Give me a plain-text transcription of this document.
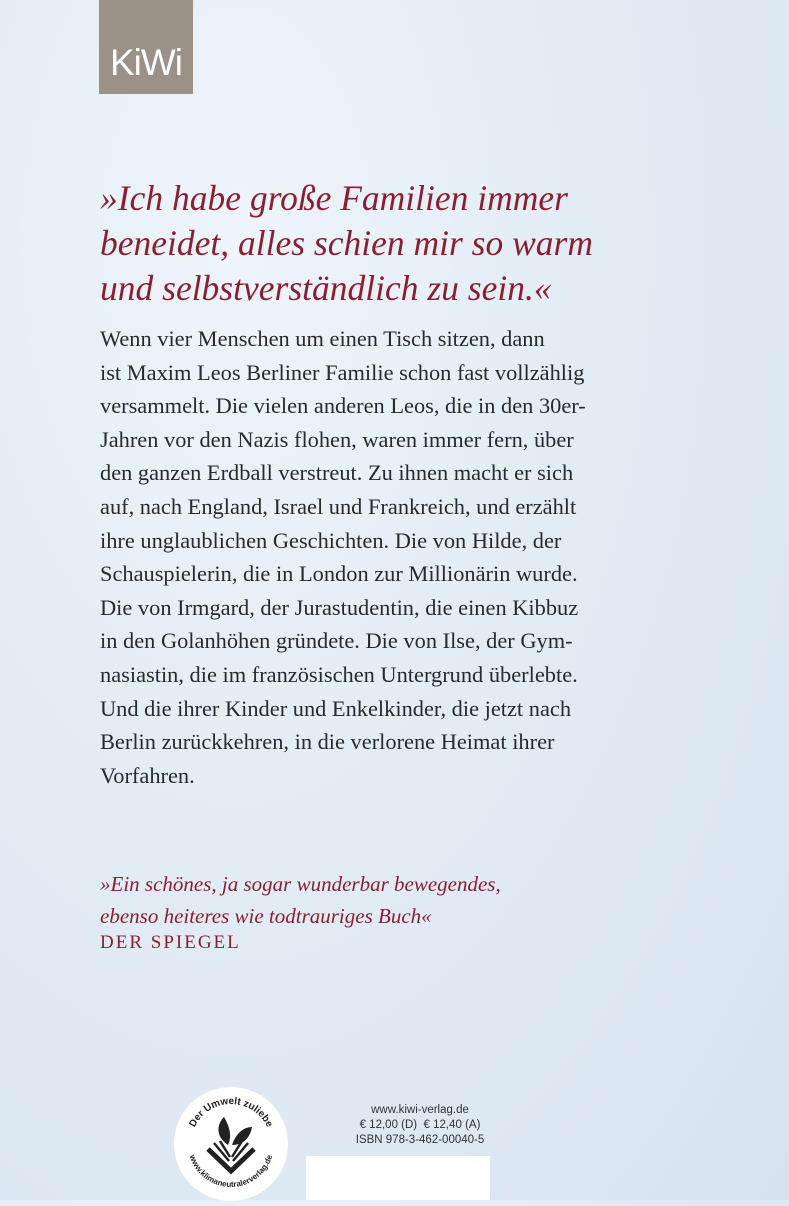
KiWi
»Ich habe große Familien immer
beneidet, alles schien mir so warm
und selbstverständlich zu sein.«
Wenn vier Menschen um einen Tisch sitzen, dann
ist Maxim Leos Berliner Familie schon fast vollzählig
versammelt. Die vielen anderen Leos, die in den 30er-
Jahren vor den Nazis flohen, waren immer fern, über
den ganzen Erdball verstreut. Zu ihnen macht er sich
auf, nach England, Israel und Frankreich, und erzählt
ihre unglaublichen Geschichten. Die von Hilde, der
Schauspielerin, die in London zur Millionärin wurde.
Die von Irmgard, der Jurastudentin, die einen Kibbuz
in den Golanhöhen gründete. Die von Ilse, der Gym-
nasiastin, die im französischen Untergrund überlebte.
Und die ihrer Kinder und Enkelkinder, die jetzt nach
Berlin zurückkehren, in die verlorene Heimat ihrer
Vorfahren.
»Ein schönes, ja sogar wunderbar bewegendes,
ebenso heiteres wie todtrauriges Buch«
DER SPIEGEL
Der Umwelt zuliebe
www.klimaneutralerverlag.de
www.kiwi-verlag.de
€ 12,00 (D)  € 12,40 (A)
ISBN 978-3-462-00040-5
